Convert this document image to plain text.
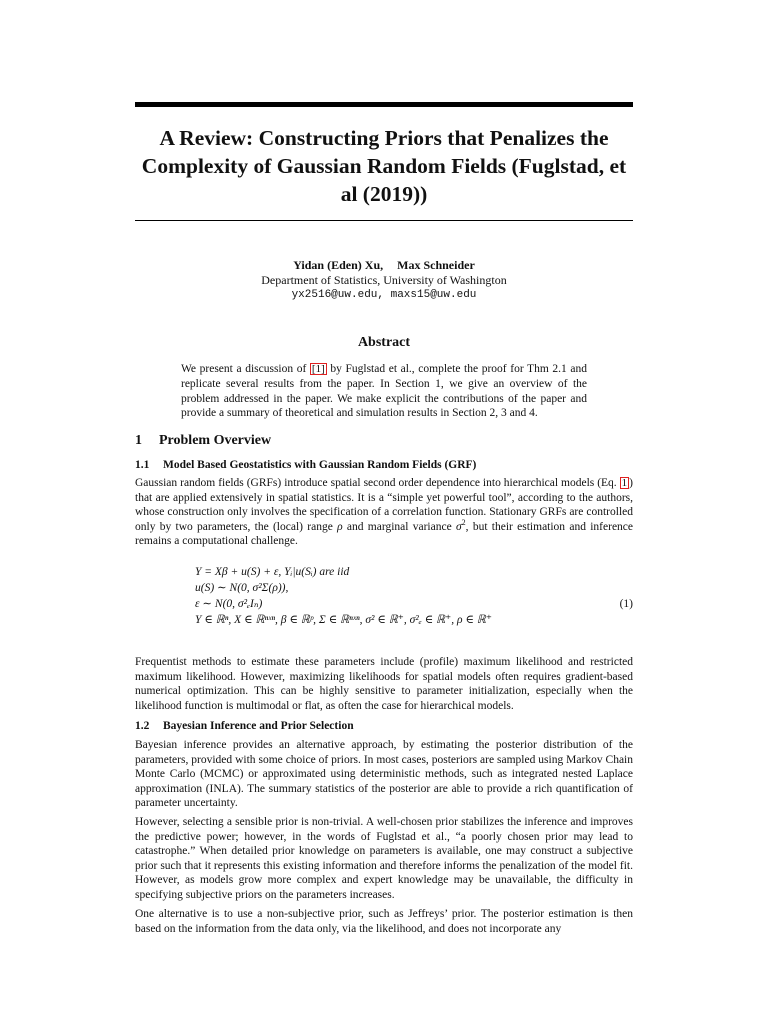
A Review: Constructing Priors that Penalizes the Complexity of Gaussian Random Fields (Fuglstad, et al (2019))
Yidan (Eden) Xu, Max Schneider
Department of Statistics, University of Washington
yx2516@uw.edu, maxs15@uw.edu
Abstract
We present a discussion of [1] by Fuglstad et al., complete the proof for Thm 2.1 and replicate several results from the paper. In Section 1, we give an overview of the problem addressed in the paper. We make explicit the contributions of the paper and provide a summary of theoretical and simulation results in Section 2, 3 and 4.
1 Problem Overview
1.1 Model Based Geostatistics with Gaussian Random Fields (GRF)
Gaussian random fields (GRFs) introduce spatial second order dependence into hierarchical models (Eq. 1 ) that are applied extensively in spatial statistics. It is a “simple yet powerful tool”, according to the authors, whose construction only involves the specification of a correlation function. Stationary GRFs are controlled only by two parameters, the (local) range ρ and marginal variance $\sigma^2$, but their estimation and inference remains a computational challenge.
Y = Xβ + u(S) + ε, Yᵢ|u(Sᵢ) are iid
u(S) ∼ N(0, σ²Σ(ρ)),
ε ∼ N(0, σ²ₑIₙ)
Y ∈ ℝⁿ, X ∈ ℝⁿˣⁿ, β ∈ ℝᵖ, Σ ∈ ℝⁿˣⁿ, σ² ∈ ℝ⁺, σ²ₑ ∈ ℝ⁺, ρ ∈ ℝ⁺
(1)
Frequentist methods to estimate these parameters include (profile) maximum likelihood and restricted maximum likelihood. However, maximizing likelihoods for spatial models often requires gradient-based numerical optimization. This can be highly sensitive to parameter initialization, especially when the likelihood function is multimodal or flat, as often the case for hierarchical models.
1.2 Bayesian Inference and Prior Selection
Bayesian inference provides an alternative approach, by estimating the posterior distribution of the parameters, provided with some choice of priors. In most cases, posteriors are sampled using Markov Chain Monte Carlo (MCMC) or approximated using deterministic methods, such as integrated nested Laplace approximation (INLA). The summary statistics of the posterior are able to provide a rich quantification of parameter uncertainty.
However, selecting a sensible prior is non-trivial. A well-chosen prior stabilizes the inference and improves the predictive power; however, in the words of Fuglstad et al., “a poorly chosen prior may lead to catastrophe.” When detailed prior knowledge on parameters is available, one may construct a subjective prior such that it represents this existing information and therefore informs the penalization of the model fit. However, as models grow more complex and expert knowledge may be unavailable, the difficulty in specifying subjective priors on the parameters increases.
One alternative is to use a non-subjective prior, such as Jeffreys’ prior. The posterior estimation is then based on the information from the data only, via the likelihood, and does not incorporate any
